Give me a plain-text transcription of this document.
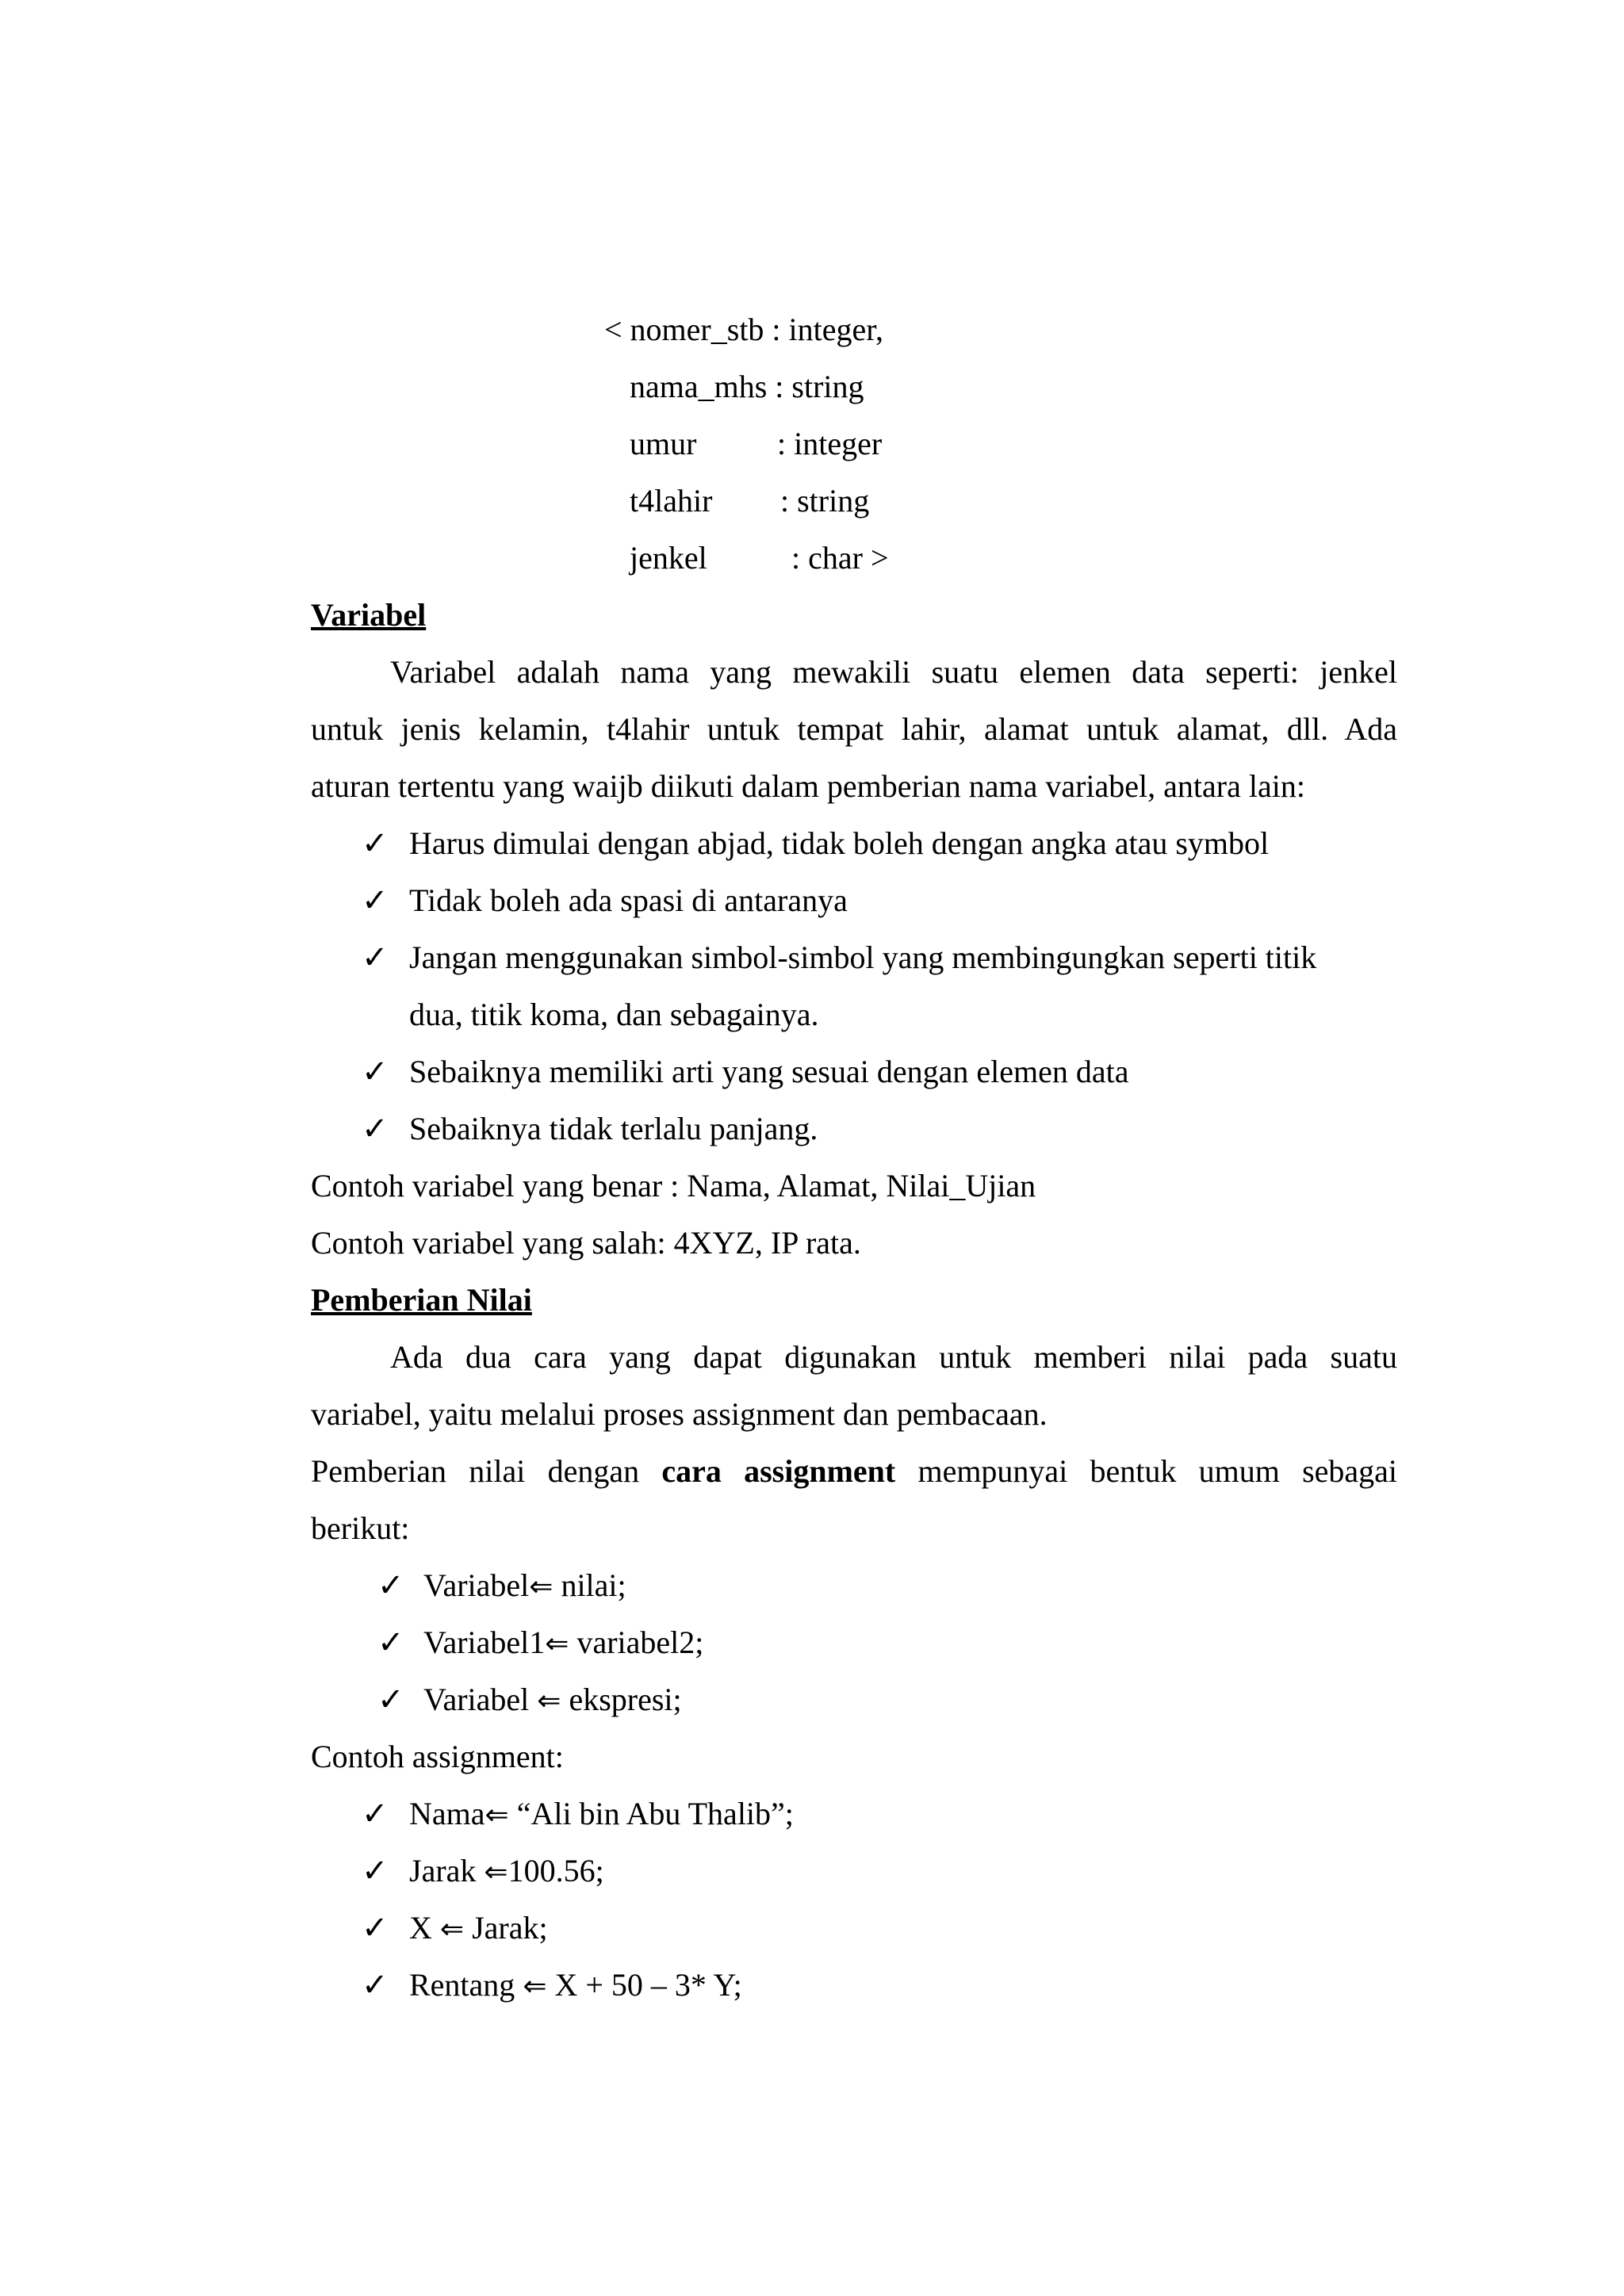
< nomer_stb : integer,
nama_mhs : string
umur	: integer
t4lahir : string
jenkel	: char >
Variabel
Variabel adalah nama yang mewakili suatu elemen data seperti: jenkel
untuk jenis kelamin, t4lahir untuk tempat lahir, alamat untuk alamat, dll. Ada
aturan tertentu yang waijb diikuti dalam pemberian nama variabel, antara lain:
✓ Harus dimulai dengan abjad, tidak boleh dengan angka atau symbol
✓ Tidak boleh ada spasi di antaranya
✓ Jangan menggunakan simbol-simbol yang membingungkan seperti titik
dua, titik koma, dan sebagainya.
✓ Sebaiknya memiliki arti yang sesuai dengan elemen data
✓ Sebaiknya tidak terlalu panjang.
Contoh variabel yang benar : Nama, Alamat, Nilai_Ujian
Contoh variabel yang salah: 4XYZ, IP rata.
Pemberian Nilai
Ada dua cara yang dapat digunakan untuk memberi nilai pada suatu
variabel, yaitu melalui proses assignment dan pembacaan.
Pemberian nilai dengan cara assignment mempunyai bentuk umum sebagai
berikut:
✓ Variabel⇐ nilai;
✓ Variabel1⇐ variabel2;
✓ Variabel ⇐ ekspresi;
Contoh assignment:
✓ Nama⇐ “Ali bin Abu Thalib”;
✓ Jarak ⇐100.56;
✓ X ⇐ Jarak;
✓ Rentang ⇐ X + 50 – 3* Y;
